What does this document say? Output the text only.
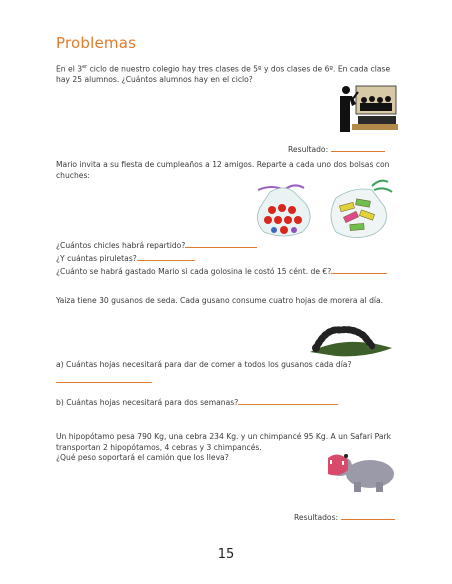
Problemas
En el 3er ciclo de nuestro colegio hay tres clases de 5º y dos clases de 6º. En cada clase
hay 25 alumnos. ¿Cuántos alumnos hay en el ciclo?
Resultado:
Mario invita a su fiesta de cumpleaños a 12 amigos. Reparte a cada uno dos bolsas con
chuches:
¿Cuántos chicles habrá repartido?
¿Y cuántas piruletas?
¿Cuánto se habrá gastado Mario si cada golosina le costó 15 cént. de €?
Yaiza tiene 30 gusanos de seda. Cada gusano consume cuatro hojas de morera al día.
a) Cuántas hojas necesitará para dar de comer a todos los gusanos cada día?
b) Cuántas hojas necesitará para dos semanas?
Un hipopótamo pesa 790 Kg, una cebra 234 Kg. y un chimpancé 95 Kg. A un Safari Park
transportan 2 hipopótamos, 4 cebras y 3 chimpancés.
¿Qué peso soportará el camión que los lleva?
Resultados:
15
